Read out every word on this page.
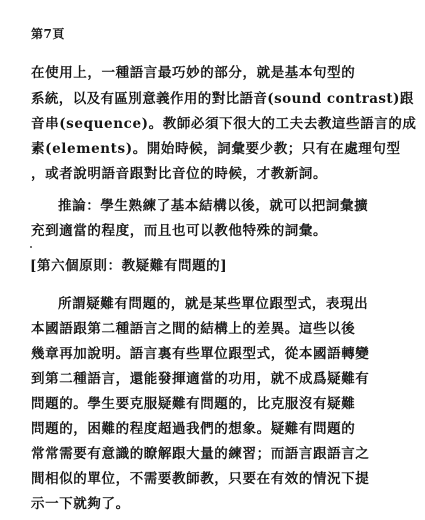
第7頁
在使用上，一種語言最巧妙的部分，就是基本句型的
系統，以及有區別意義作用的對比語音(sound contrast)跟
音串(sequence)。教師必須下很大的工夫去教這些語言的成
素(elements)。開始時候，詞彙要少教；只有在處理句型
，或者說明語音跟對比音位的時候，才教新詞。
推論：學生熟練了基本結構以後，就可以把詞彙擴
充到適當的程度，而且也可以教他特殊的詞彙。
[第六個原則：教疑難有問題的]
所謂疑難有問題的，就是某些單位跟型式，表現出
本國語跟第二種語言之間的結構上的差異。這些以後
幾章再加說明。語言裏有些單位跟型式，從本國語轉變
到第二種語言，還能發揮適當的功用，就不成爲疑難有
問題的。學生要克服疑難有問題的，比克服沒有疑難
問題的，困難的程度超過我們的想象。疑難有問題的
常常需要有意識的瞭解跟大量的練習；而語言跟語言之
間相似的單位，不需要教師教，只要在有效的情況下提
示一下就夠了。
